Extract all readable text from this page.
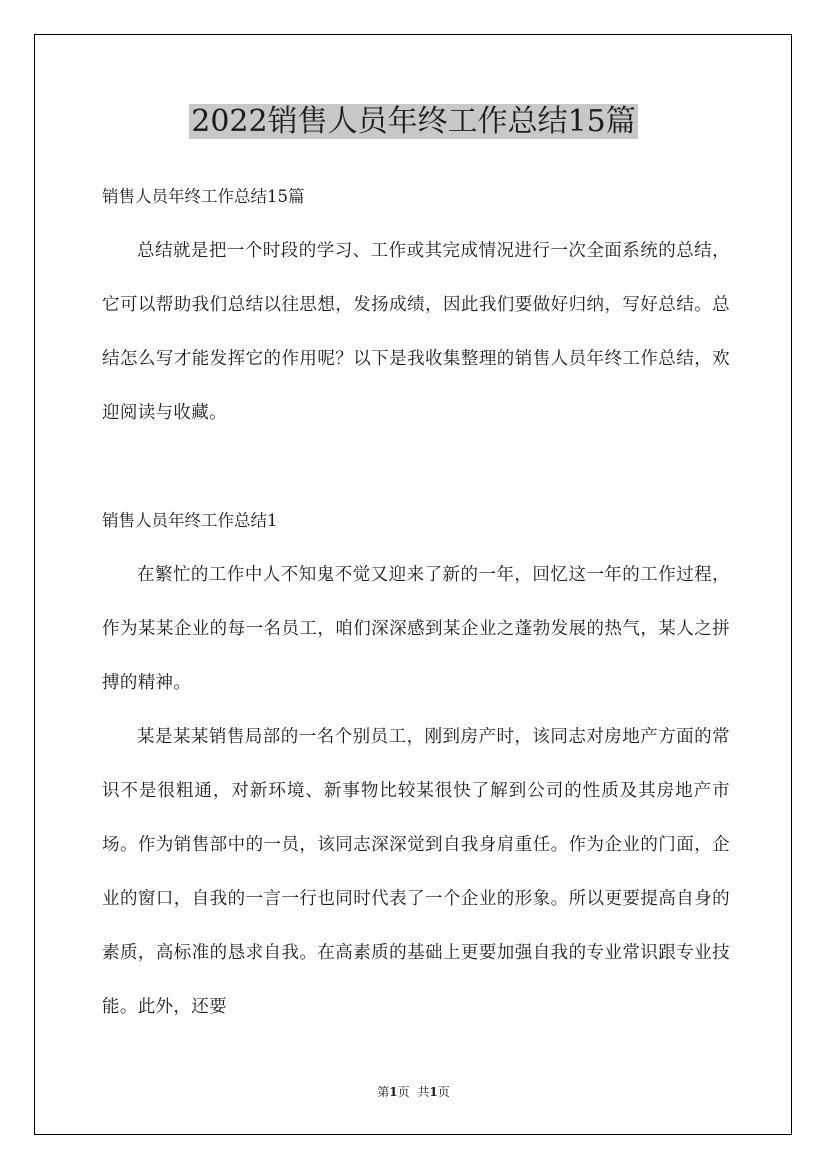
2022销售人员年终工作总结15篇

销售人员年终工作总结15篇

总结就是把一个时段的学习、工作或其完成情况进行一次全面系统的总结，它可以帮助我们总结以往思想，发扬成绩，因此我们要做好归纳，写好总结。总结怎么写才能发挥它的作用呢？以下是我收集整理的销售人员年终工作总结，欢迎阅读与收藏。

销售人员年终工作总结1

在繁忙的工作中人不知鬼不觉又迎来了新的一年，回忆这一年的工作过程，作为某某企业的每一名员工，咱们深深感到某企业之蓬勃发展的热气，某人之拼搏的精神。

某是某某销售局部的一名个别员工，刚到房产时，该同志对房地产方面的常识不是很粗通，对新环境、新事物比较某很快了解到公司的性质及其房地产市场。作为销售部中的一员，该同志深深觉到自我身肩重任。作为企业的门面，企业的窗口，自我的一言一行也同时代表了一个企业的形象。所以更要提高自身的素质，高标准的恳求自我。在高素质的基础上更要加强自我的专业常识跟专业技能。此外，还要

第1页 共1页
